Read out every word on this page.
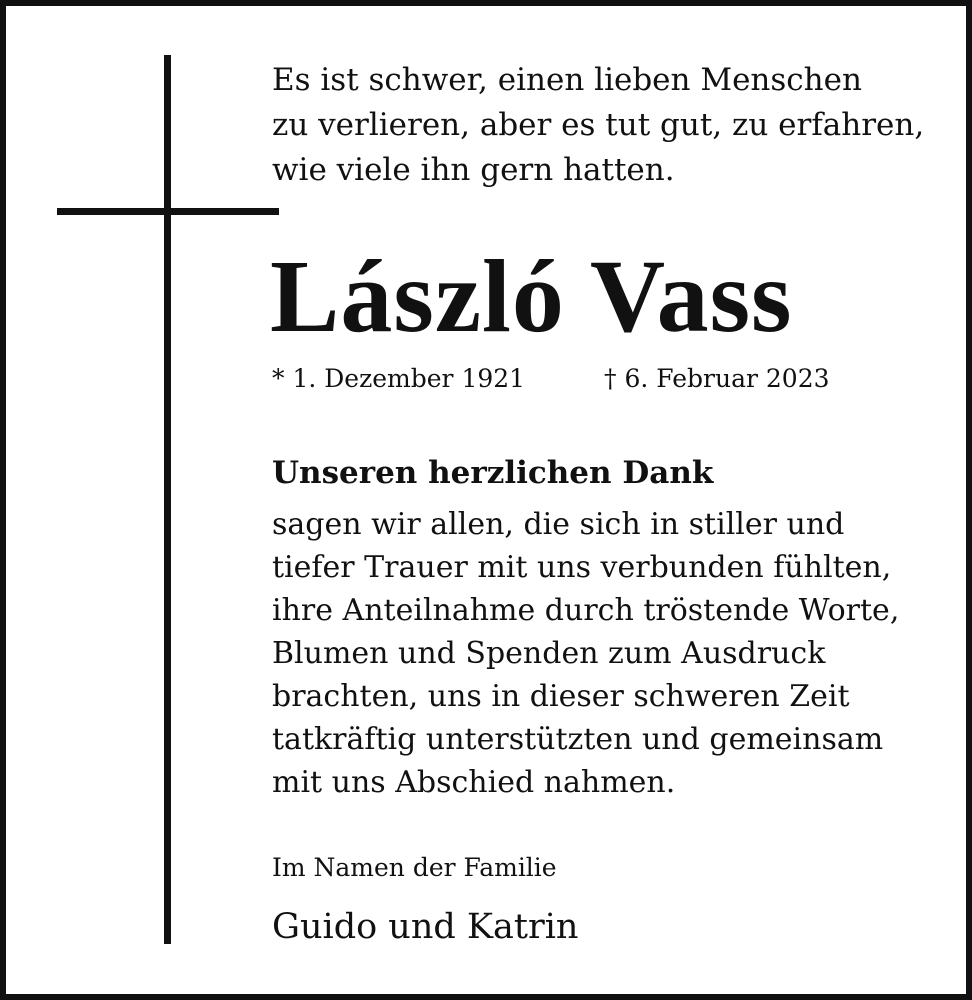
Es ist schwer, einen lieben Menschen
zu verlieren, aber es tut gut, zu erfahren,
wie viele ihn gern hatten.

László Vass
* 1. Dezember 1921	† 6. Februar 2023
Unseren herzlichen Dank

sagen wir allen, die sich in stiller und
tiefer Trauer mit uns verbunden fühlten,
ihre Anteilnahme durch tröstende Worte,
Blumen und Spenden zum Ausdruck
brachten, uns in dieser schweren Zeit
tatkräftig unterstützten und gemeinsam
mit uns Abschied nahmen.

Im Namen der Familie
Guido und Katrin
